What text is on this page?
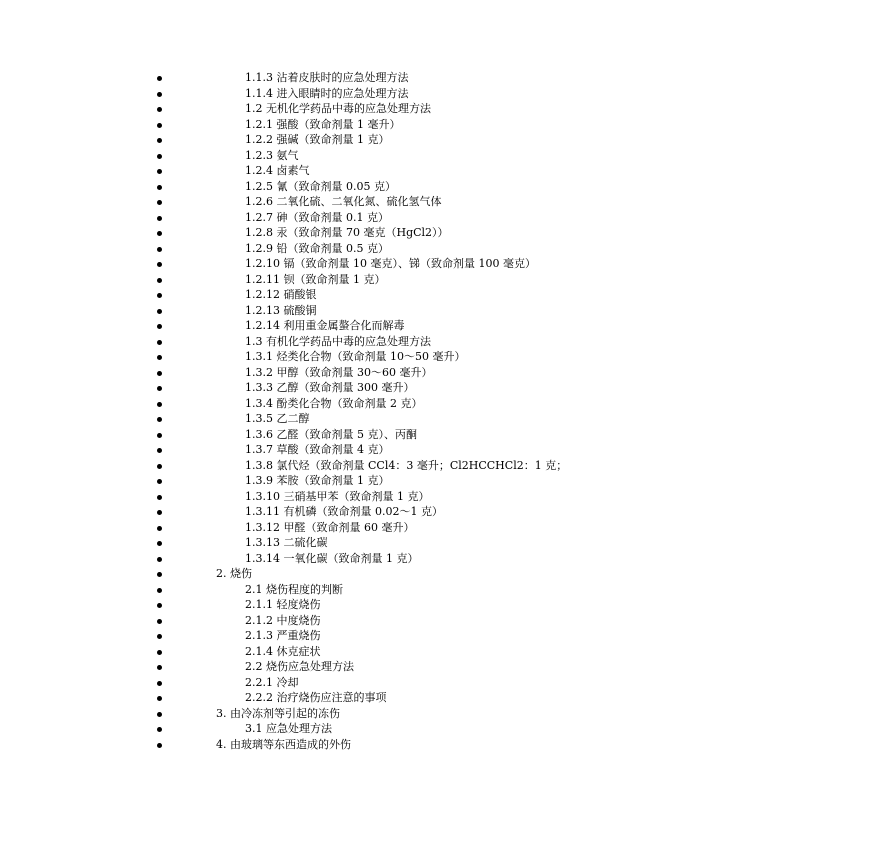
1.1.3 沾着皮肤时的应急处理方法
1.1.4 进入眼睛时的应急处理方法
1.2 无机化学药品中毒的应急处理方法
1.2.1 强酸（致命剂量 1 毫升）
1.2.2 强碱（致命剂量 1 克）
1.2.3 氨气
1.2.4 卤素气
1.2.5 氰（致命剂量 0.05 克）
1.2.6 二氧化硫、二氧化氮、硫化氢气体
1.2.7 砷（致命剂量 0.1 克）
1.2.8 汞（致命剂量 70 毫克（HgCl2））
1.2.9 铅（致命剂量 0.5 克）
1.2.10 镉（致命剂量 10 毫克）、锑（致命剂量 100 毫克）
1.2.11 钡（致命剂量 1 克）
1.2.12 硝酸银
1.2.13 硫酸铜
1.2.14 利用重金属螯合化而解毒
1.3 有机化学药品中毒的应急处理方法
1.3.1 烃类化合物（致命剂量 10～50 毫升）
1.3.2 甲醇（致命剂量 30～60 毫升）
1.3.3 乙醇（致命剂量 300 毫升）
1.3.4 酚类化合物（致命剂量 2 克）
1.3.5 乙二醇
1.3.6 乙醛（致命剂量 5 克）、丙酮
1.3.7 草酸（致命剂量 4 克）
1.3.8 氯代烃（致命剂量 CCl4：3 毫升；Cl2HCCHCl2：1 克；
1.3.9 苯胺（致命剂量 1 克）
1.3.10 三硝基甲苯（致命剂量 1 克）
1.3.11 有机磷（致命剂量 0.02～1 克）
1.3.12 甲醛（致命剂量 60 毫升）
1.3.13 二硫化碳
1.3.14 一氧化碳（致命剂量 1 克）
2. 烧伤
2.1 烧伤程度的判断
2.1.1 轻度烧伤
2.1.2 中度烧伤
2.1.3 严重烧伤
2.1.4 休克症状
2.2 烧伤应急处理方法
2.2.1 冷却
2.2.2 治疗烧伤应注意的事项
3. 由冷冻剂等引起的冻伤
3.1 应急处理方法
4. 由玻璃等东西造成的外伤
